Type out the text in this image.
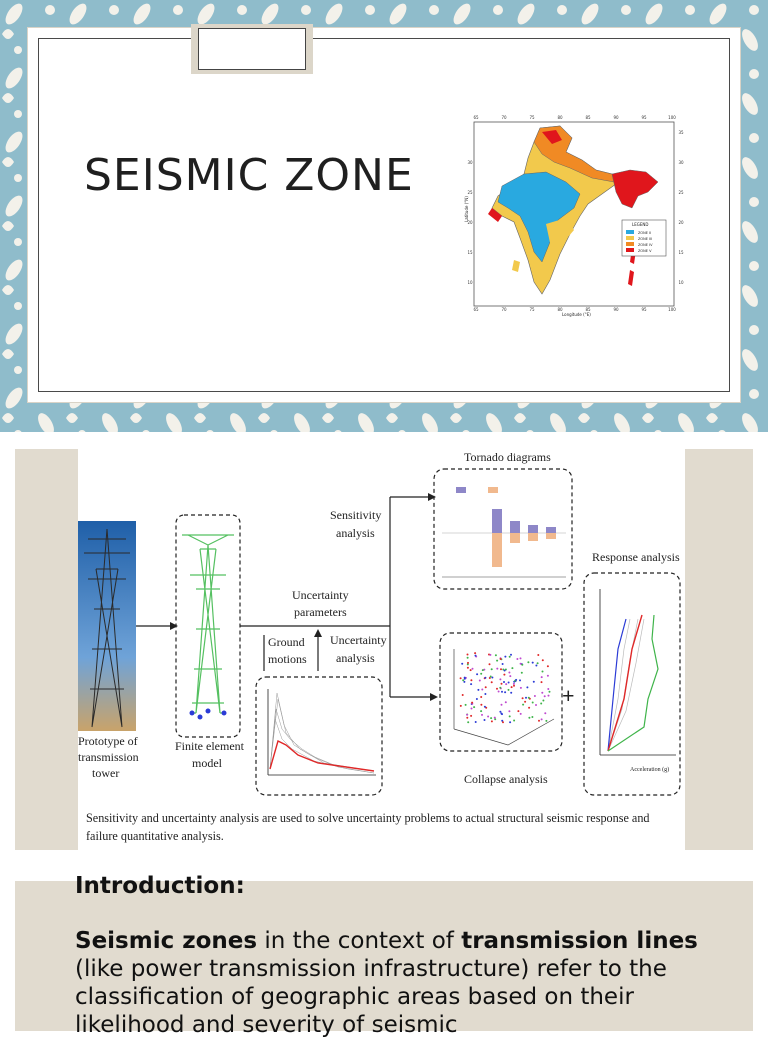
SEISMIC ZONE
LEGEND
ZONE II
ZONE III
ZONE IV
ZONE V
65	70	75	80	85	90	95	100
65	70	75	80	85	90	95	100
35
30
25
20
15
10
30
25
20
15
10
Longitude (°E)
Latitude (°N)
Prototype of
transmission
tower
Finite element
model
Sensitivity
analysis
Uncertainty
parameters
Ground
motions
Uncertainty
analysis
Tornado diagrams
Collapse analysis
+
Response analysis
Acceleration (g)
Sensitivity and uncertainty analysis are used to solve uncertainty problems to actual structural seismic response and
failure quantitative analysis.
Introduction:

Seismic zones in the context of transmission lines (like power transmission infrastructure) refer to the classification of geographic areas based on their likelihood and severity of seismic
